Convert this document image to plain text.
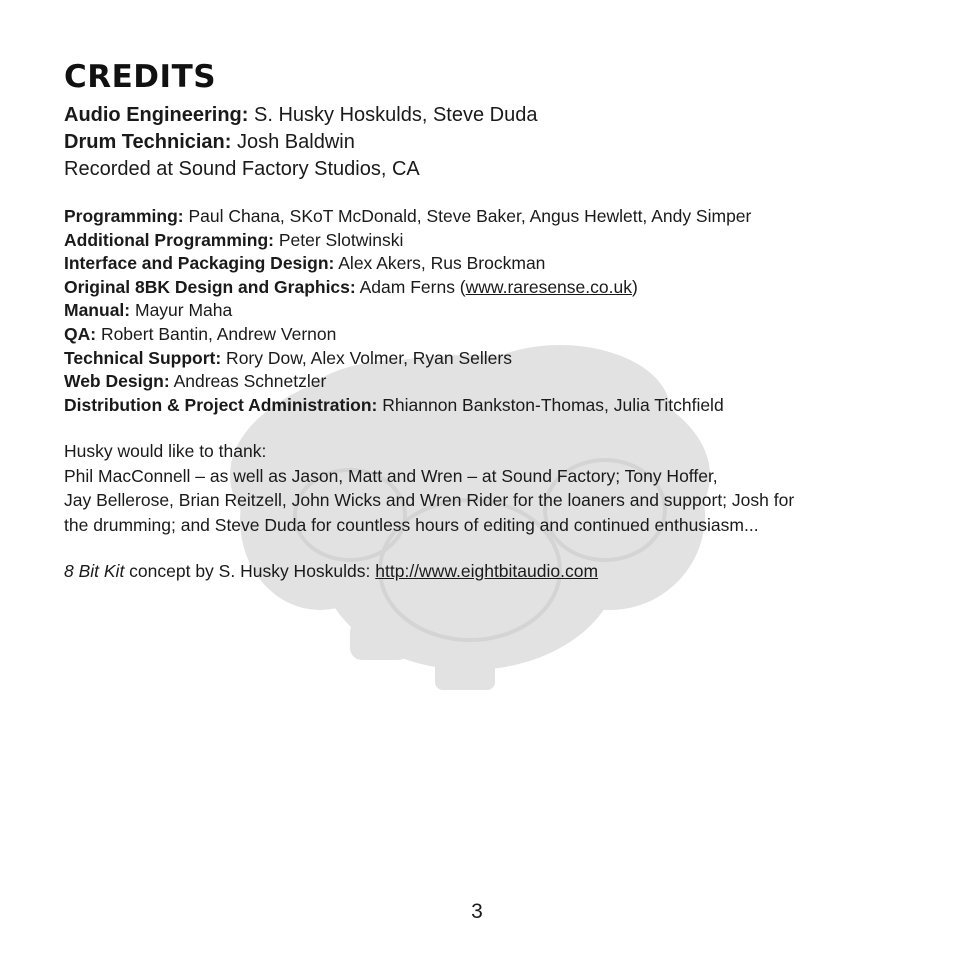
CREDITS
Audio Engineering: S. Husky Hoskulds, Steve Duda
Drum Technician: Josh Baldwin
Recorded at Sound Factory Studios, CA
Programming: Paul Chana, SKoT McDonald, Steve Baker, Angus Hewlett, Andy Simper
Additional Programming: Peter Slotwinski
Interface and Packaging Design: Alex Akers, Rus Brockman
Original 8BK Design and Graphics: Adam Ferns (www.raresense.co.uk)
Manual: Mayur Maha
QA: Robert Bantin, Andrew Vernon
Technical Support: Rory Dow, Alex Volmer, Ryan Sellers
Web Design: Andreas Schnetzler
Distribution & Project Administration: Rhiannon Bankston-Thomas, Julia Titchfield
Husky would like to thank:
Phil MacConnell – as well as Jason, Matt and Wren – at Sound Factory; Tony Hoffer,
Jay Bellerose, Brian Reitzell, John Wicks and Wren Rider for the loaners and support; Josh for
the drumming; and Steve Duda for countless hours of editing and continued enthusiasm...
8 Bit Kit concept by S. Husky Hoskulds: http://www.eightbitaudio.com
3
